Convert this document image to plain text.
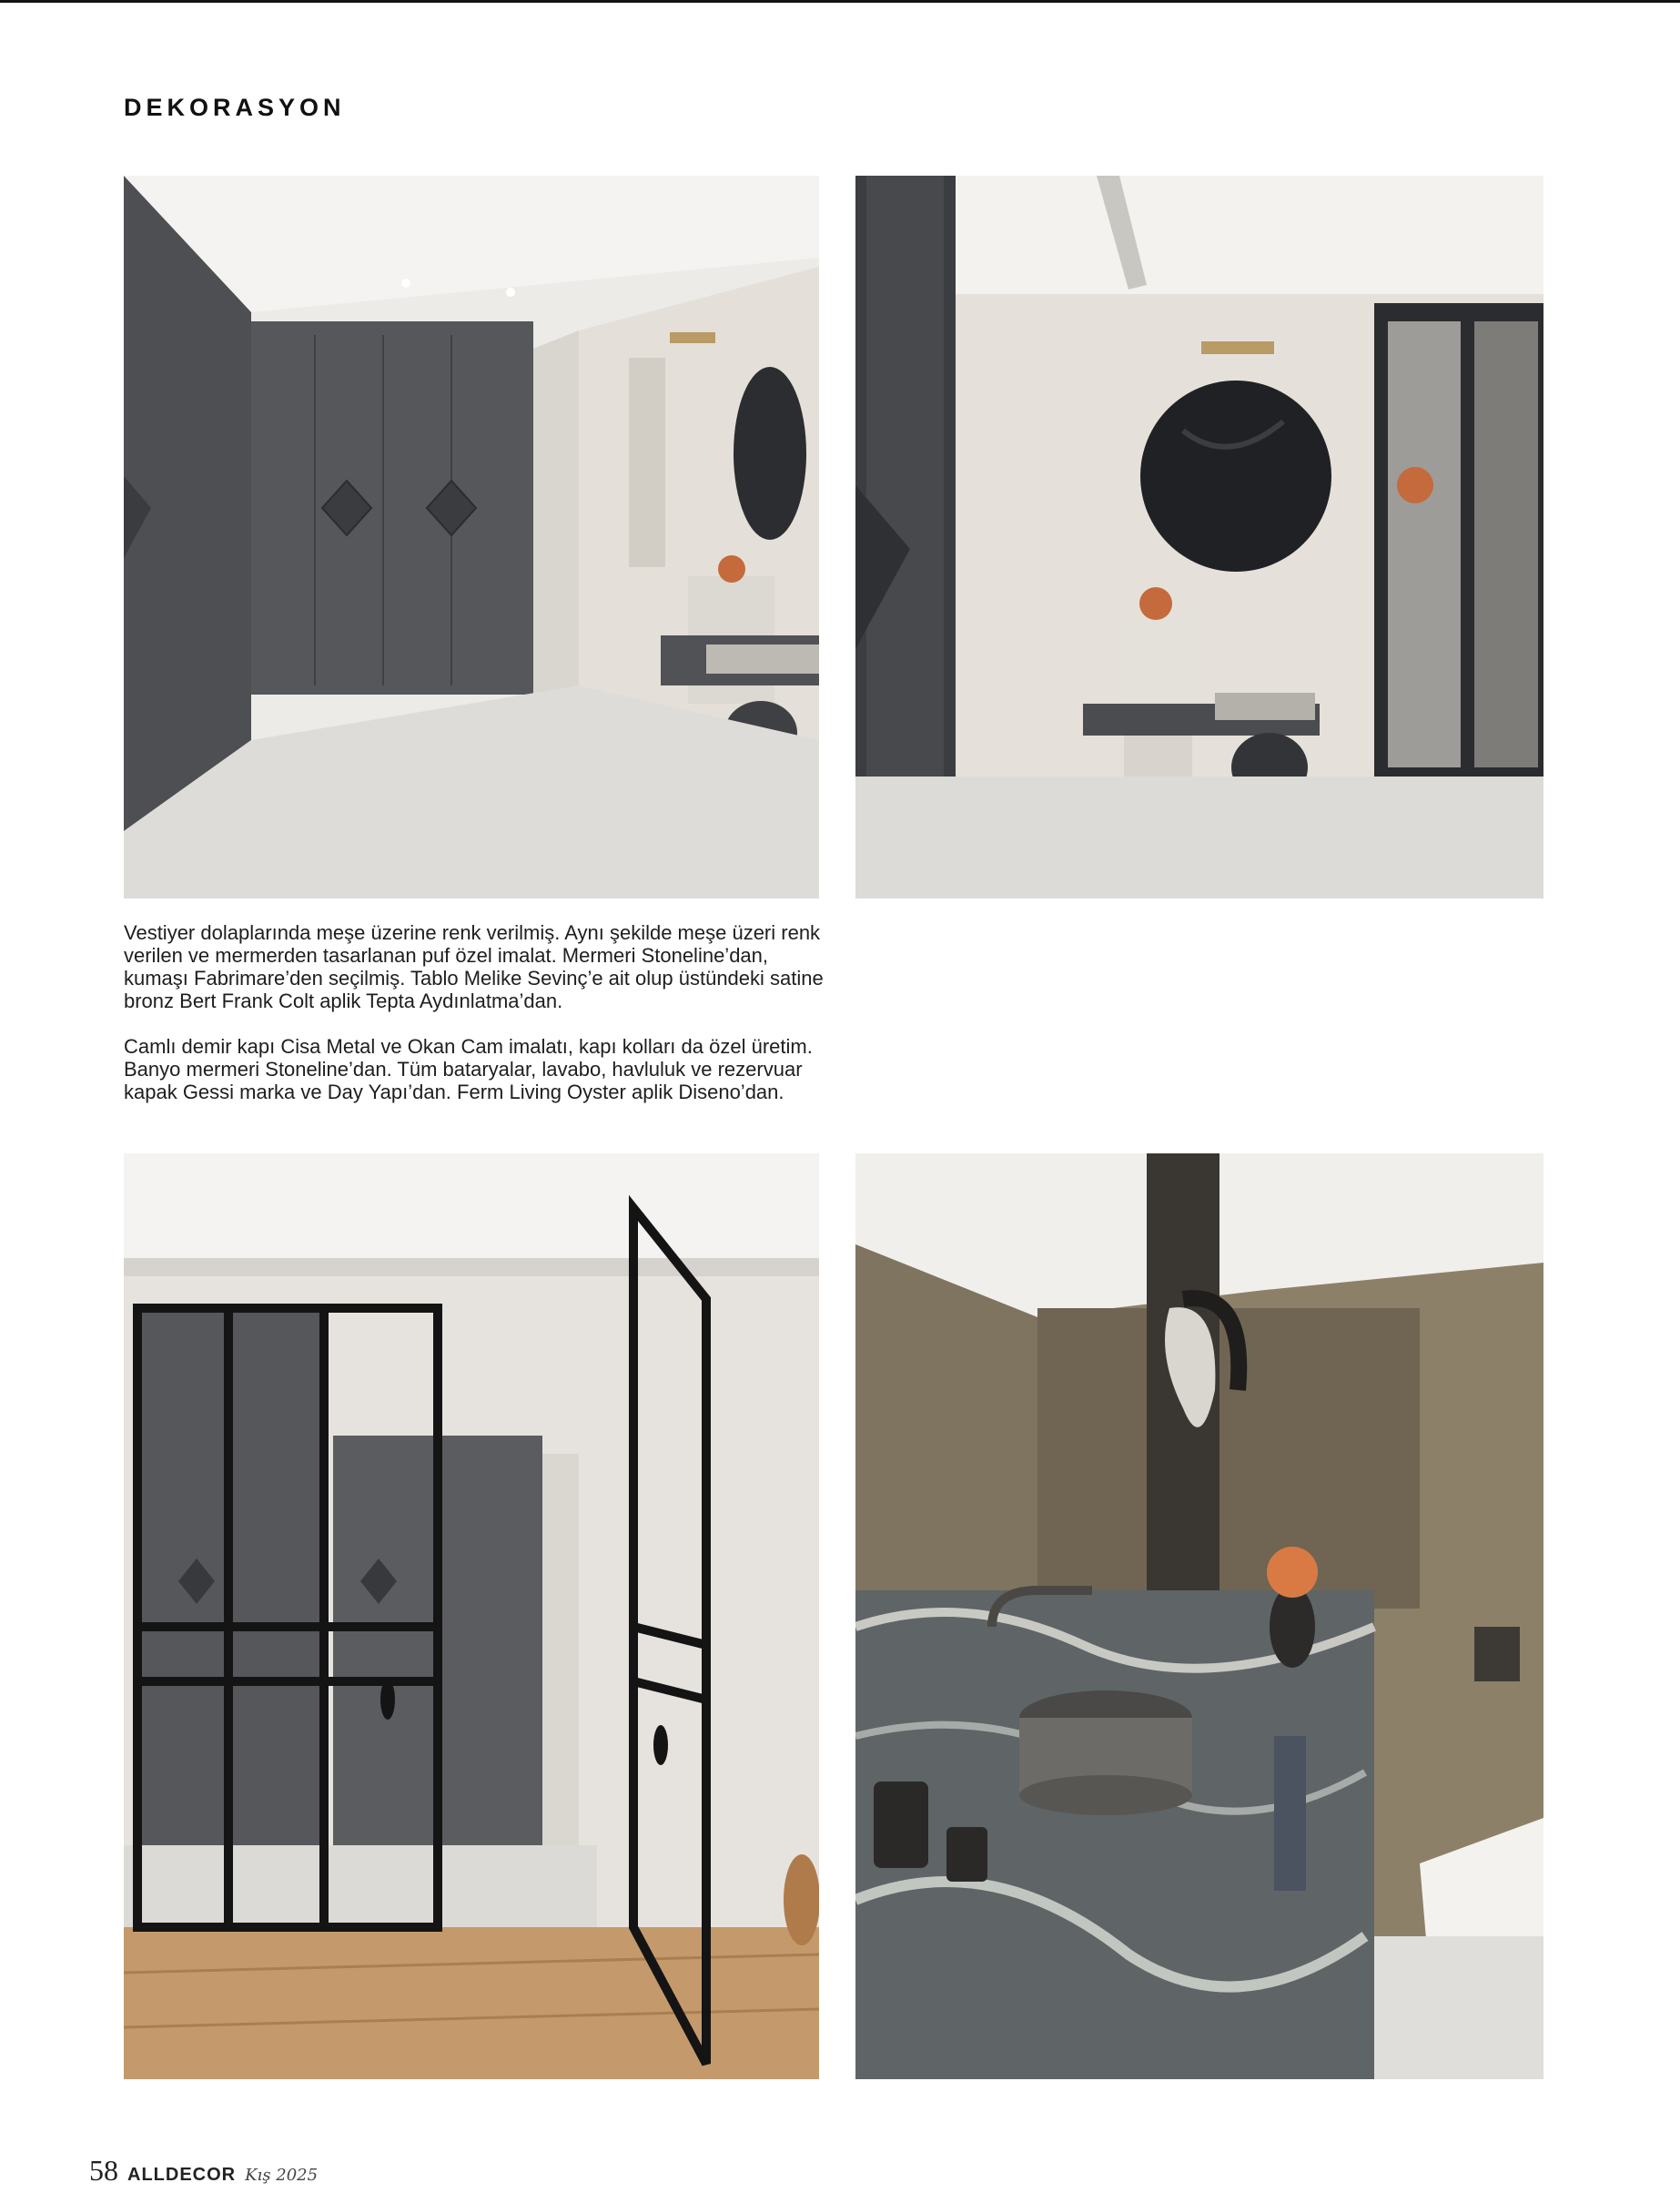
DEKORASYON

Vestiyer dolaplarında meşe üzerine renk verilmiş. Aynı şekilde meşe üzeri renk verilen ve mermerden tasarlanan puf özel imalat. Mermeri Stoneline’dan, kumaşı Fabrimare’den seçilmiş. Tablo Melike Sevinç’e ait olup üstündeki satine bronz Bert Frank Colt aplik Tepta Aydınlatma’dan.

Camlı demir kapı Cisa Metal ve Okan Cam imalatı, kapı kolları da özel üretim. Banyo mermeri Stoneline’dan. Tüm bataryalar, lavabo, havluluk ve rezervuar kapak Gessi marka ve Day Yapı’dan. Ferm Living Oyster aplik Diseno’dan.

58 ALLDECOR Kış 2025
